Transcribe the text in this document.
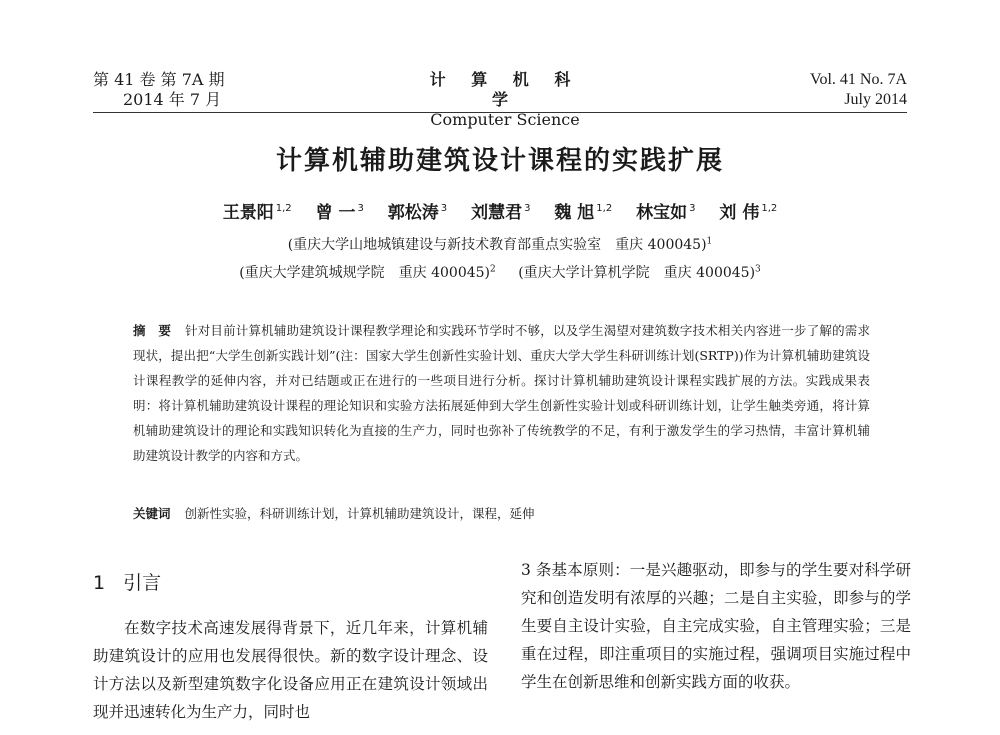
第 41 卷 第 7A 期
2014 年 7 月
计 算 机 科 学
Computer Science
Vol. 41 No. 7A
July 2014
计算机辅助建筑设计课程的实践扩展
王景阳 $^{1,2}$ 曾 一 $^3$ 郭松涛 $^3$ 刘慧君 $^3$ 魏 旭 $^{1,2}$ 林宝如 $^3$ 刘 伟 $^{1,2}$
(重庆大学山地城镇建设与新技术教育部重点实验室　重庆 400045)$^1$
(重庆大学建筑城规学院　重庆 400045)$^2$ (重庆大学计算机学院　重庆 400045)$^3$
摘　要 针对目前计算机辅助建筑设计课程教学理论和实践环节学时不够，以及学生渴望对建筑数字技术相关内容进一步了解的需求现状，提出把“大学生创新实践计划”(注：国家大学生创新性实验计划、重庆大学大学生科研训练计划(SRTP))作为计算机辅助建筑设计课程教学的延伸内容，并对已结题或正在进行的一些项目进行分析。探讨计算机辅助建筑设计课程实践扩展的方法。实践成果表明：将计算机辅助建筑设计课程的理论知识和实验方法拓展延伸到大学生创新性实验计划或科研训练计划，让学生触类旁通，将计算机辅助建筑设计的理论和实践知识转化为直接的生产力，同时也弥补了传统教学的不足，有利于激发学生的学习热情，丰富计算机辅助建筑设计教学的内容和方式。
关键词 创新性实验，科研训练计划，计算机辅助建筑设计，课程，延伸
1 引言

在数字技术高速发展得背景下，近几年来，计算机辅助建筑设计的应用也发展得很快。新的数字设计理念、设计方法以及新型建筑数字化设备应用正在建筑设计领域出现并迅速转化为生产力，同时也

3 条基本原则：一是兴趣驱动，即参与的学生要对科学研究和创造发明有浓厚的兴趣；二是自主实验，即参与的学生要自主设计实验，自主完成实验，自主管理实验；三是重在过程，即注重项目的实施过程，强调项目实施过程中学生在创新思维和创新实践方面的收获。
